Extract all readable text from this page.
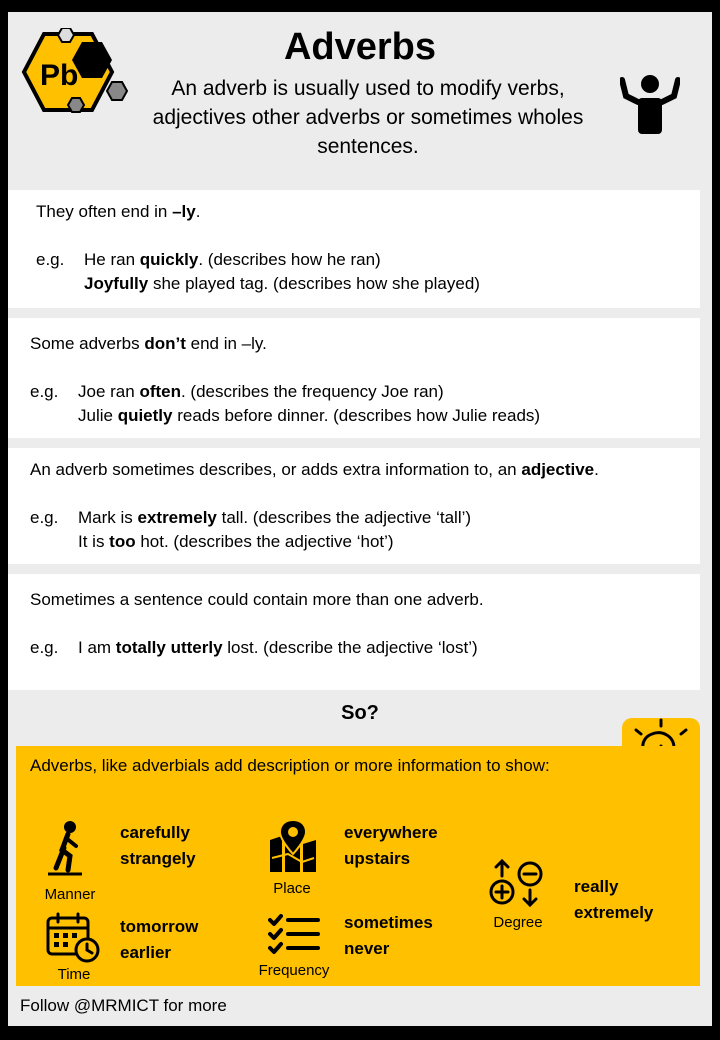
Pb
Adverbs
An adverb is usually used to modify verbs, adjectives other adverbs or sometimes wholes sentences.
They often end in –ly.
e.g. He ran quickly. (describes how he ran)
Joyfully she played tag. (describes how she played)
Some adverbs don’t end in –ly.
e.g. Joe ran often. (describes the frequency Joe ran)
Julie quietly reads before dinner. (describes how Julie reads)
An adverb sometimes describes, or adds extra information to, an adjective.
e.g. Mark is extremely tall. (describes the adjective ‘tall’)
It is too hot. (describes the adjective ‘hot’)
Sometimes a sentence could contain more than one adverb.
e.g. I am totally utterly lost. (describe the adjective ‘lost’)
So?
Adverbs, like adverbials add description or more information to show:
Manner
carefully
strangely
Place
everywhere
upstairs
Degree
really
extremely
Time
tomorrow
earlier
Frequency
sometimes
never
Follow @MRMICT for more
